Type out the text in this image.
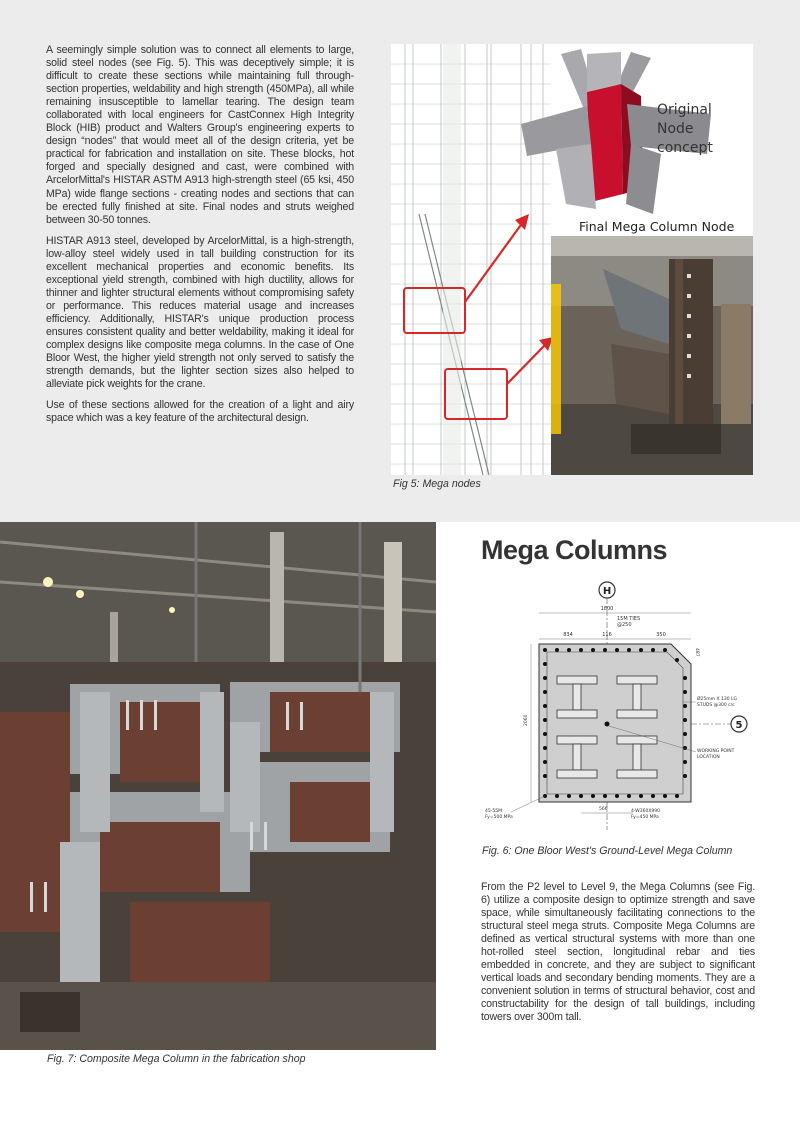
A seemingly simple solution was to connect all elements to large, solid steel nodes (see Fig. 5). This was deceptively simple; it is difficult to create these sections while maintaining full through-section properties, weldability and high strength (450MPa), all while remaining insusceptible to lamellar tearing. The design team collaborated with local engineers for CastConnex High Integrity Block (HIB) product and Walters Group's engineering experts to design “nodes” that would meet all of the design criteria, yet be practical for fabrication and installation on site. These blocks, hot forged and specially designed and cast, were combined with ArcelorMittal's HISTAR ASTM A913 high-strength steel (65 ksi, 450 MPa) wide flange sections - creating nodes and sections that can be erected fully finished at site. Final nodes and struts weighed between 30-50 tonnes.

HISTAR A913 steel, developed by ArcelorMittal, is a high-strength, low-alloy steel widely used in tall building construction for its excellent mechanical properties and economic benefits. Its exceptional yield strength, combined with high ductility, allows for thinner and lighter structural elements without compromising safety or performance. This reduces material usage and increases efficiency. Additionally, HISTAR's unique production process ensures consistent quality and better weldability, making it ideal for complex designs like composite mega columns. In the case of One Bloor West, the higher yield strength not only served to satisfy the strength demands, but the lighter section sizes also helped to alleviate pick weights for the crane.

Use of these sections allowed for the creation of a light and airy space which was a key feature of the architectural design.

Original
Node
concept
Final Mega Column Node
Fig 5: Mega nodes
Fig. 7: Composite Mega Column in the fabrication shop
Mega Columns
H
1800
834	116	350
15M TIES
@250
487
Ø25mm X 130 LG
STUDS @300 c/c
5
WORKING POINT
LOCATION
2060
45-55M
Fy=500 MPa
566	4-W360X990
Fy=450 MPa
Fig. 6: One Bloor West's Ground-Level Mega Column

From the P2 level to Level 9, the Mega Columns (see Fig. 6) utilize a composite design to optimize strength and save space, while simultaneously facilitating connections to the structural steel mega struts. Composite Mega Columns are defined as vertical structural systems with more than one hot-rolled steel section, longitudinal rebar and ties embedded in concrete, and they are subject to significant vertical loads and secondary bending moments. They are a convenient solution in terms of structural behavior, cost and constructability for the design of tall buildings, including towers over 300m tall.
